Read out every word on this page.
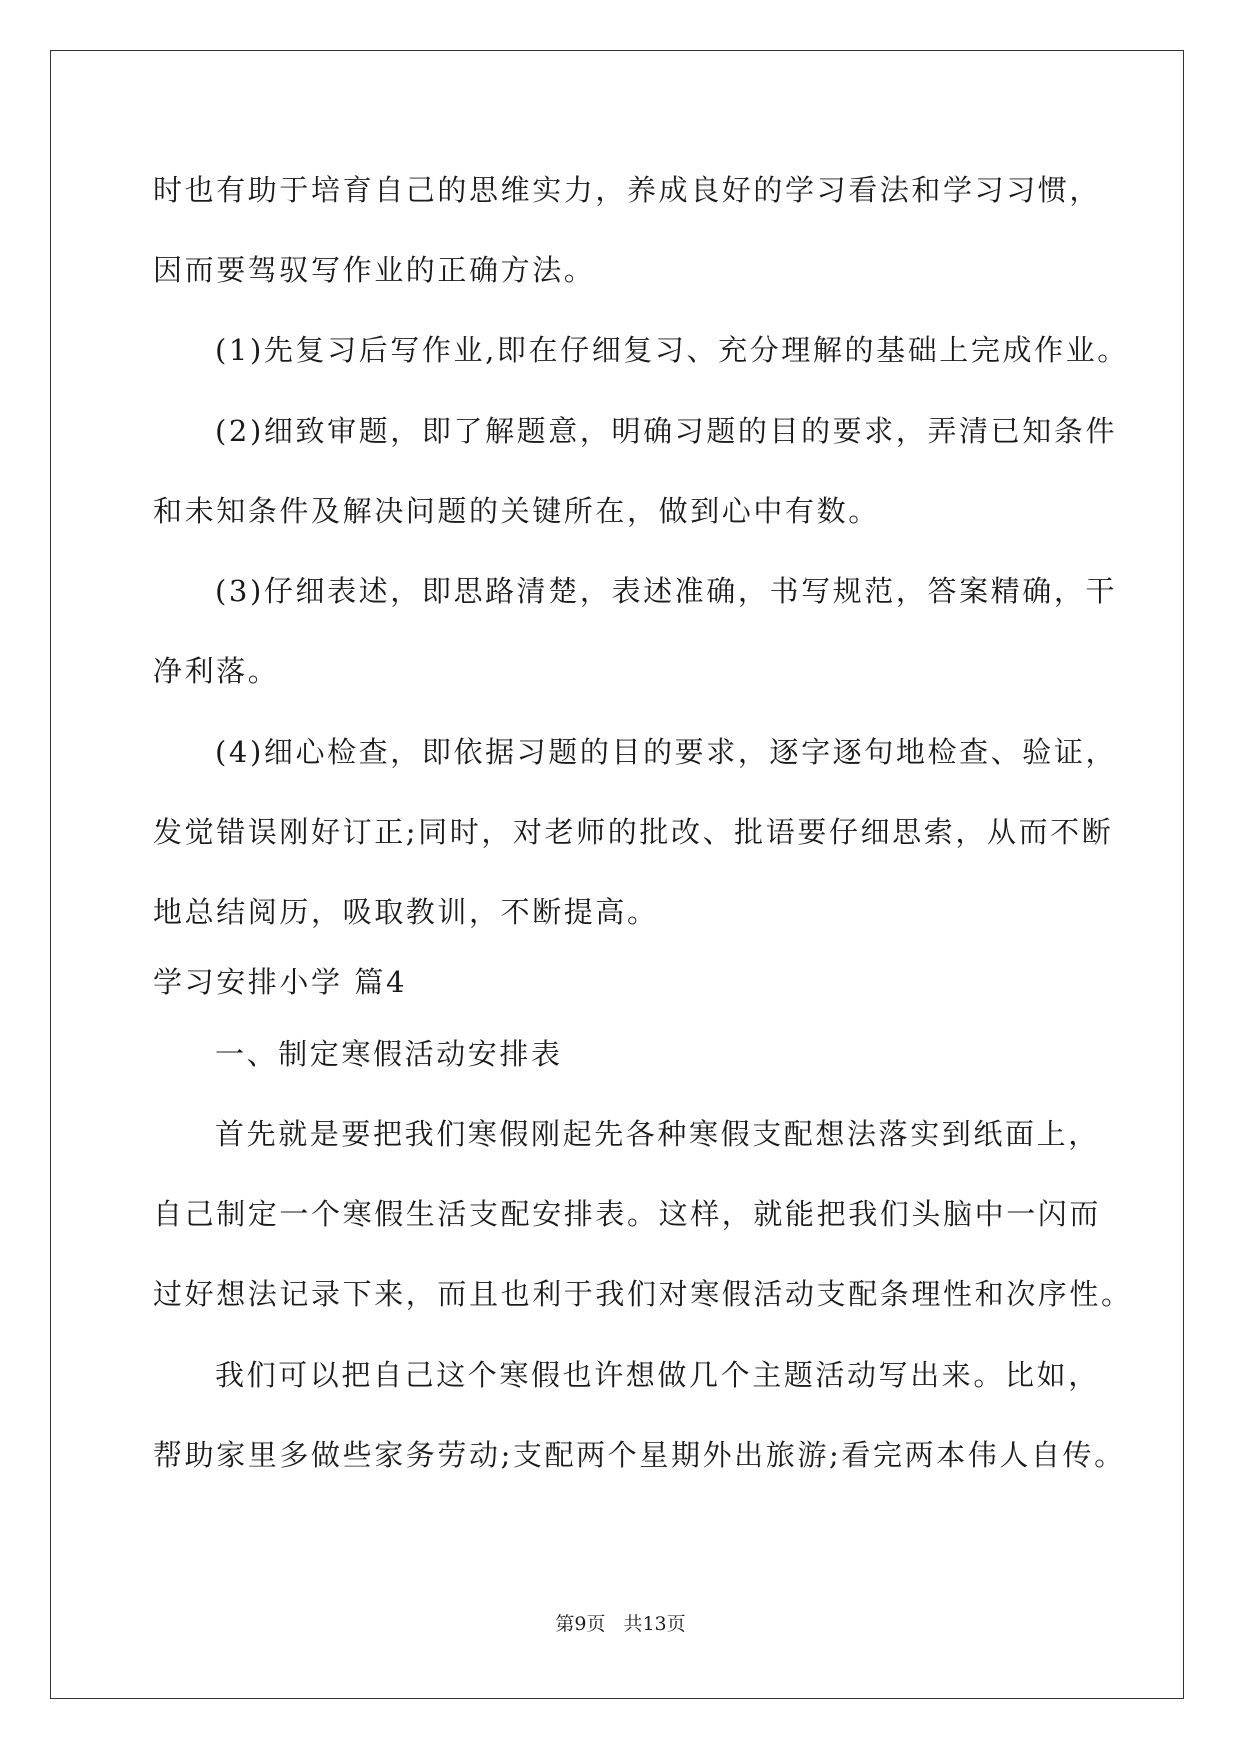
时也有助于培育自己的思维实力，养成良好的学习看法和学习习惯，
因而要驾驭写作业的正确方法。
(1)先复习后写作业,即在仔细复习、充分理解的基础上完成作业。
(2)细致审题，即了解题意，明确习题的目的要求，弄清已知条件
和未知条件及解决问题的关键所在，做到心中有数。
(3)仔细表述，即思路清楚，表述准确，书写规范，答案精确，干
净利落。
(4)细心检查，即依据习题的目的要求，逐字逐句地检查、验证，
发觉错误刚好订正;同时，对老师的批改、批语要仔细思索，从而不断
地总结阅历，吸取教训，不断提高。
学习安排小学 篇4
一、制定寒假活动安排表
首先就是要把我们寒假刚起先各种寒假支配想法落实到纸面上，
自己制定一个寒假生活支配安排表。这样，就能把我们头脑中一闪而
过好想法记录下来，而且也利于我们对寒假活动支配条理性和次序性。
我们可以把自己这个寒假也许想做几个主题活动写出来。比如，
帮助家里多做些家务劳动;支配两个星期外出旅游;看完两本伟人自传。
第9页 共13页
